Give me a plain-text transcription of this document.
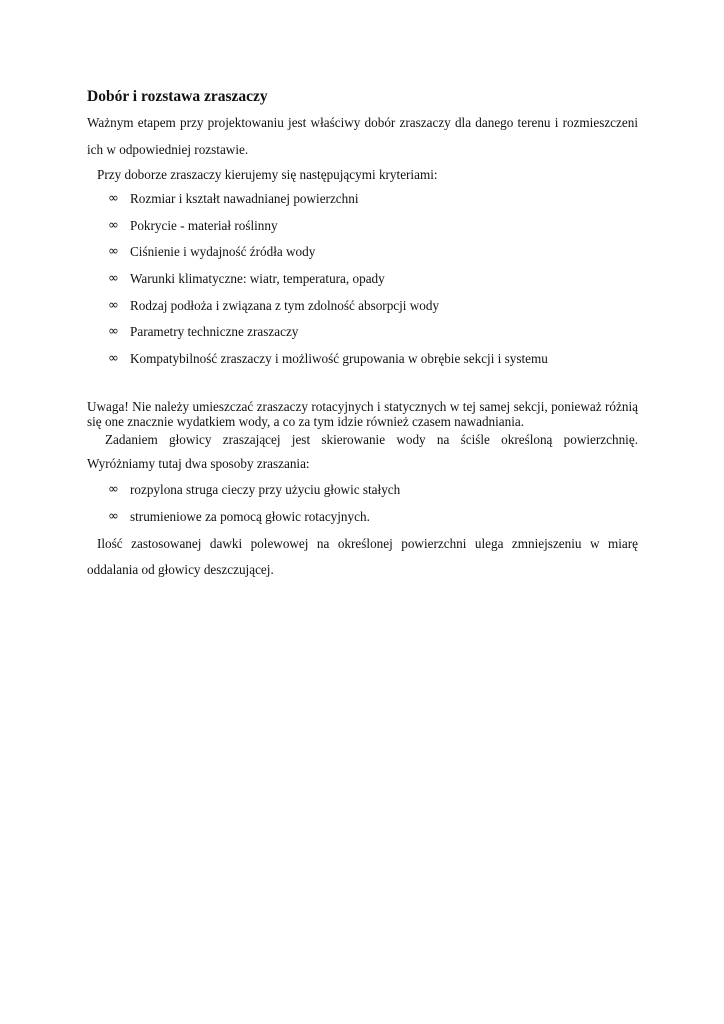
Dobór i rozstawa zraszaczy

Ważnym etapem przy projektowaniu jest właściwy dobór zraszaczy dla danego terenu i rozmieszczeni ich w odpowiedniej rozstawie.

Przy doborze zraszaczy kierujemy się następującymi kryteriami:

∞ Rozmiar i kształt nawadnianej powierzchni
∞ Pokrycie - materiał roślinny
∞ Ciśnienie i wydajność źródła wody
∞ Warunki klimatyczne: wiatr, temperatura, opady
∞ Rodzaj podłoża i związana z tym zdolność absorpcji wody
∞ Parametry techniczne zraszaczy
∞ Kompatybilność zraszaczy i możliwość grupowania w obrębie sekcji i systemu

Uwaga! Nie należy umieszczać zraszaczy rotacyjnych i statycznych w tej samej sekcji, ponieważ różnią się one znacznie wydatkiem wody, a co za tym idzie również czasem nawadniania.

Zadaniem głowicy zraszającej jest skierowanie wody na ściśle określoną powierzchnię.

Wyróżniamy tutaj dwa sposoby zraszania:

∞ rozpylona struga cieczy przy użyciu głowic stałych
∞ strumieniowe za pomocą głowic rotacyjnych.

Ilość zastosowanej dawki polewowej na określonej powierzchni ulega zmniejszeniu w miarę oddalania od głowicy deszczującej.
